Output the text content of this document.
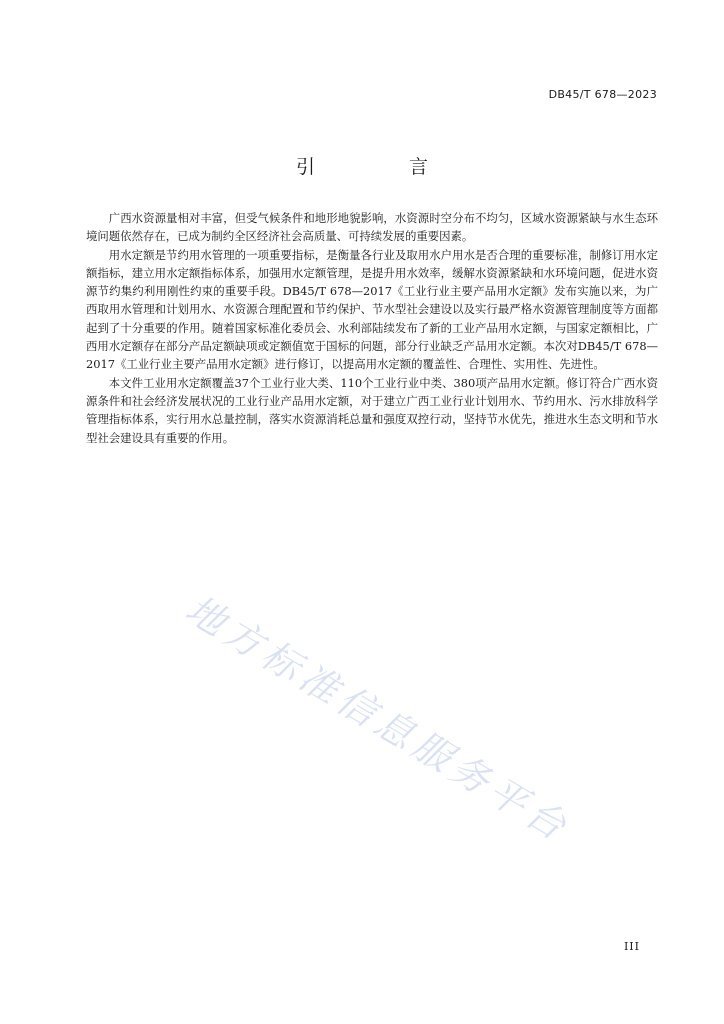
DB45/T 678—2023
引 言

广西水资源量相对丰富，但受气候条件和地形地貌影响，水资源时空分布不均匀，区域水资源紧缺与水生态环境问题依然存在，已成为制约全区经济社会高质量、可持续发展的重要因素。

用水定额是节约用水管理的一项重要指标，是衡量各行业及取用水户用水是否合理的重要标准，制修订用水定额指标，建立用水定额指标体系，加强用水定额管理，是提升用水效率，缓解水资源紧缺和水环境问题，促进水资源节约集约利用刚性约束的重要手段。DB45/T 678—2017《工业行业主要产品用水定额》发布实施以来，为广西取用水管理和计划用水、水资源合理配置和节约保护、节水型社会建设以及实行最严格水资源管理制度等方面都起到了十分重要的作用。随着国家标准化委员会、水利部陆续发布了新的工业产品用水定额，与国家定额相比，广西用水定额存在部分产品定额缺项或定额值宽于国标的问题，部分行业缺乏产品用水定额。本次对DB45/T 678—2017《工业行业主要产品用水定额》进行修订，以提高用水定额的覆盖性、合理性、实用性、先进性。

本文件工业用水定额覆盖37个工业行业大类、110个工业行业中类、380项产品用水定额。修订符合广西水资源条件和社会经济发展状况的工业行业产品用水定额，对于建立广西工业行业计划用水、节约用水、污水排放科学管理指标体系，实行用水总量控制，落实水资源消耗总量和强度双控行动，坚持节水优先，推进水生态文明和节水型社会建设具有重要的作用。

地方标准信息服务平台
III
